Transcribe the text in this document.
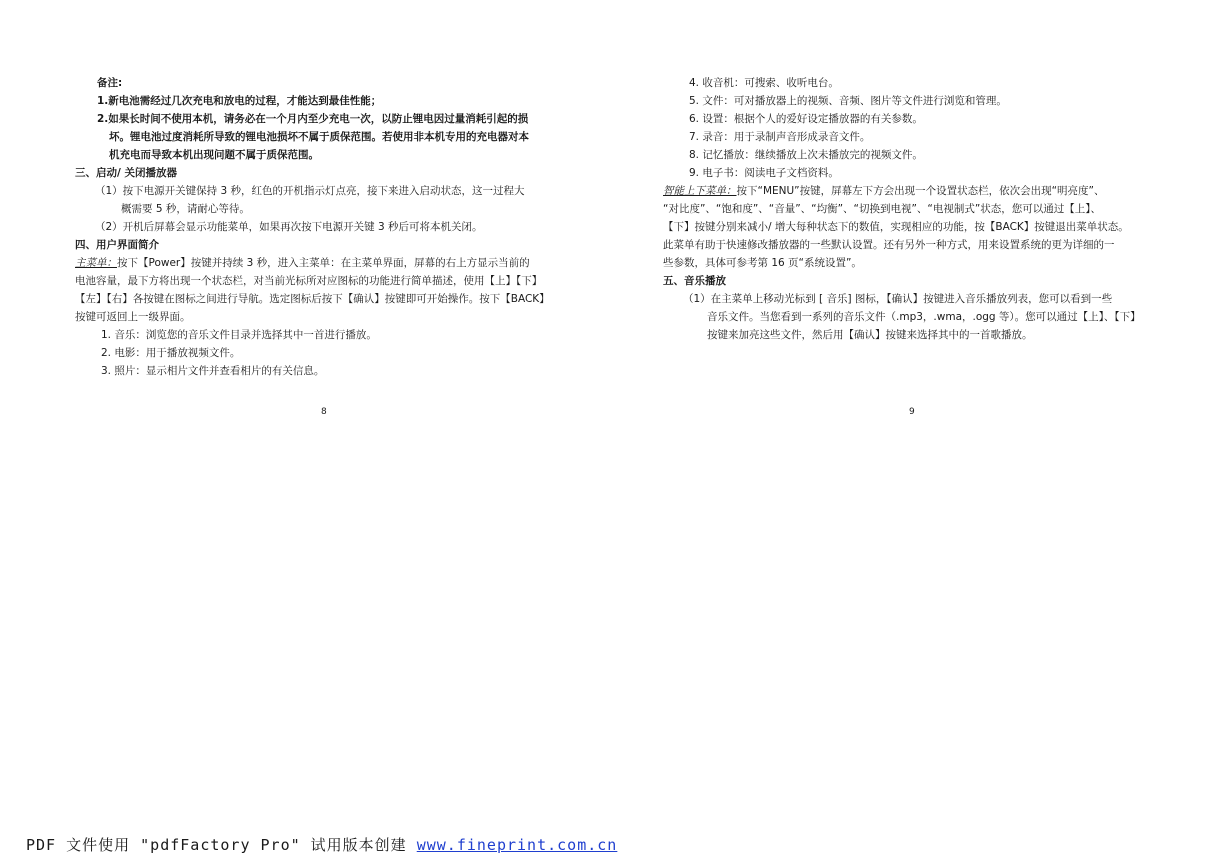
备注:
1.新电池需经过几次充电和放电的过程，才能达到最佳性能；
2.如果长时间不使用本机，请务必在一个月内至少充电一次，以防止锂电因过量消耗引起的损
坏。锂电池过度消耗所导致的锂电池损坏不属于质保范围。若使用非本机专用的充电器对本
机充电而导致本机出现问题不属于质保范围。
三、启动/ 关闭播放器
（1）按下电源开关键保持 3 秒，红色的开机指示灯点亮，接下来进入启动状态，这一过程大
概需要 5 秒，请耐心等待。
（2）开机后屏幕会显示功能菜单，如果再次按下电源开关键 3 秒后可将本机关闭。
四、用户界面简介
主菜单：按下【Power】按键并持续 3 秒，进入主菜单：在主菜单界面，屏幕的右上方显示当前的
电池容量，最下方将出现一个状态栏，对当前光标所对应图标的功能进行简单描述，使用【上】【下】
【左】【右】各按键在图标之间进行导航。选定图标后按下【确认】按键即可开始操作。按下【BACK】
按键可返回上一级界面。
1. 音乐：浏览您的音乐文件目录并选择其中一首进行播放。
2. 电影：用于播放视频文件。
3. 照片：显示相片文件并查看相片的有关信息。
8
4. 收音机：可搜索、收听电台。
5. 文件：可对播放器上的视频、音频、图片等文件进行浏览和管理。
6. 设置：根据个人的爱好设定播放器的有关参数。
7. 录音：用于录制声音形成录音文件。
8. 记忆播放：继续播放上次未播放完的视频文件。
9. 电子书：阅读电子文档资料。
智能上下菜单：按下“MENU”按键，屏幕左下方会出现一个设置状态栏，依次会出现“明亮度”、
“对比度”、“饱和度”、“音量”、“均衡”、“切换到电视”、“电视制式”状态，您可以通过【上】、
【下】按键分别来减小/ 增大每种状态下的数值，实现相应的功能，按【BACK】按键退出菜单状态。
此菜单有助于快速修改播放器的一些默认设置。还有另外一种方式，用来设置系统的更为详细的一
些参数，具体可参考第 16 页“系统设置”。
五、音乐播放
（1）在主菜单上移动光标到 [ 音乐] 图标，【确认】按键进入音乐播放列表，您可以看到一些
音乐文件。当您看到一系列的音乐文件（.mp3，.wma，.ogg 等）。您可以通过【上】、【下】
按键来加亮这些文件，然后用【确认】按键来选择其中的一首歌播放。
9
PDF 文件使用 "pdfFactory Pro" 试用版本创建 www.fineprint.com.cn
